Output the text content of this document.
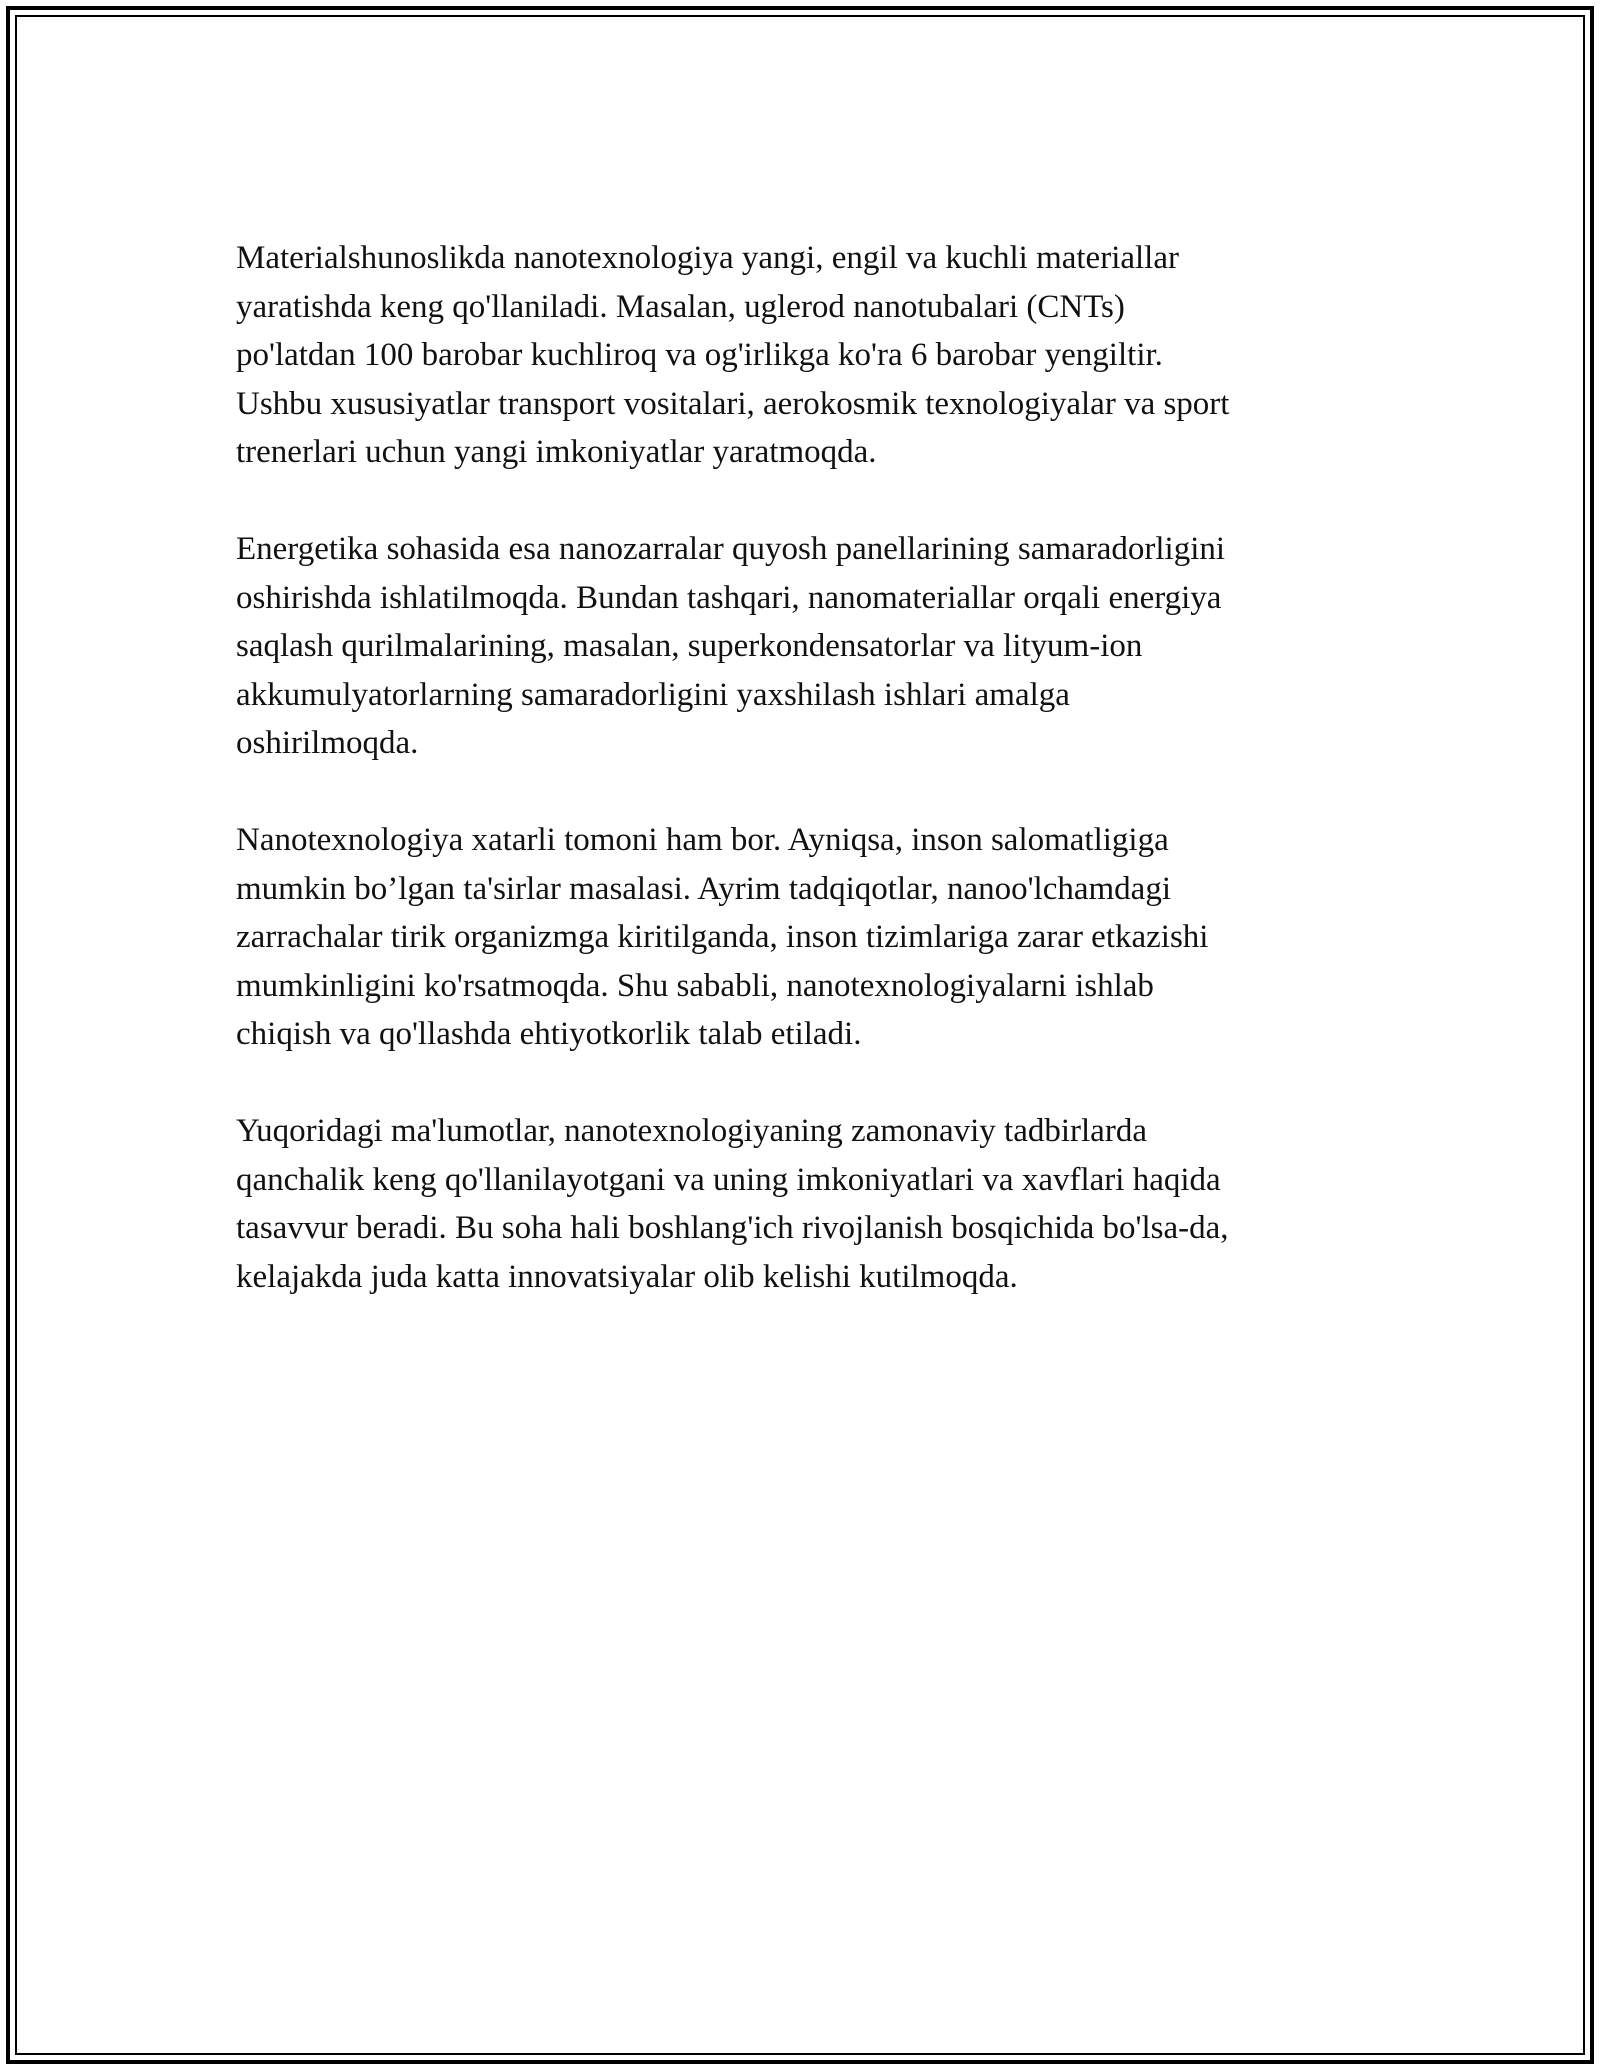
Materialshunoslikda nanotexnologiya yangi, engil va kuchli materiallar
yaratishda keng qo'llaniladi. Masalan, uglerod nanotubalari (CNTs)
po'latdan 100 barobar kuchliroq va og'irlikga ko'ra 6 barobar yengiltir.
Ushbu xususiyatlar transport vositalari, aerokosmik texnologiyalar va sport
trenerlari uchun yangi imkoniyatlar yaratmoqda.

Energetika sohasida esa nanozarralar quyosh panellarining samaradorligini
oshirishda ishlatilmoqda. Bundan tashqari, nanomateriallar orqali energiya
saqlash qurilmalarining, masalan, superkondensatorlar va lityum-ion
akkumulyatorlarning samaradorligini yaxshilash ishlari amalga
oshirilmoqda.

Nanotexnologiya xatarli tomoni ham bor. Ayniqsa, inson salomatligiga
mumkin bo’lgan ta'sirlar masalasi. Ayrim tadqiqotlar, nanoo'lchamdagi
zarrachalar tirik organizmga kiritilganda, inson tizimlariga zarar etkazishi
mumkinligini ko'rsatmoqda. Shu sababli, nanotexnologiyalarni ishlab
chiqish va qo'llashda ehtiyotkorlik talab etiladi.

Yuqoridagi ma'lumotlar, nanotexnologiyaning zamonaviy tadbirlarda
qanchalik keng qo'llanilayotgani va uning imkoniyatlari va xavflari haqida
tasavvur beradi. Bu soha hali boshlang'ich rivojlanish bosqichida bo'lsa-da,
kelajakda juda katta innovatsiyalar olib kelishi kutilmoqda.
